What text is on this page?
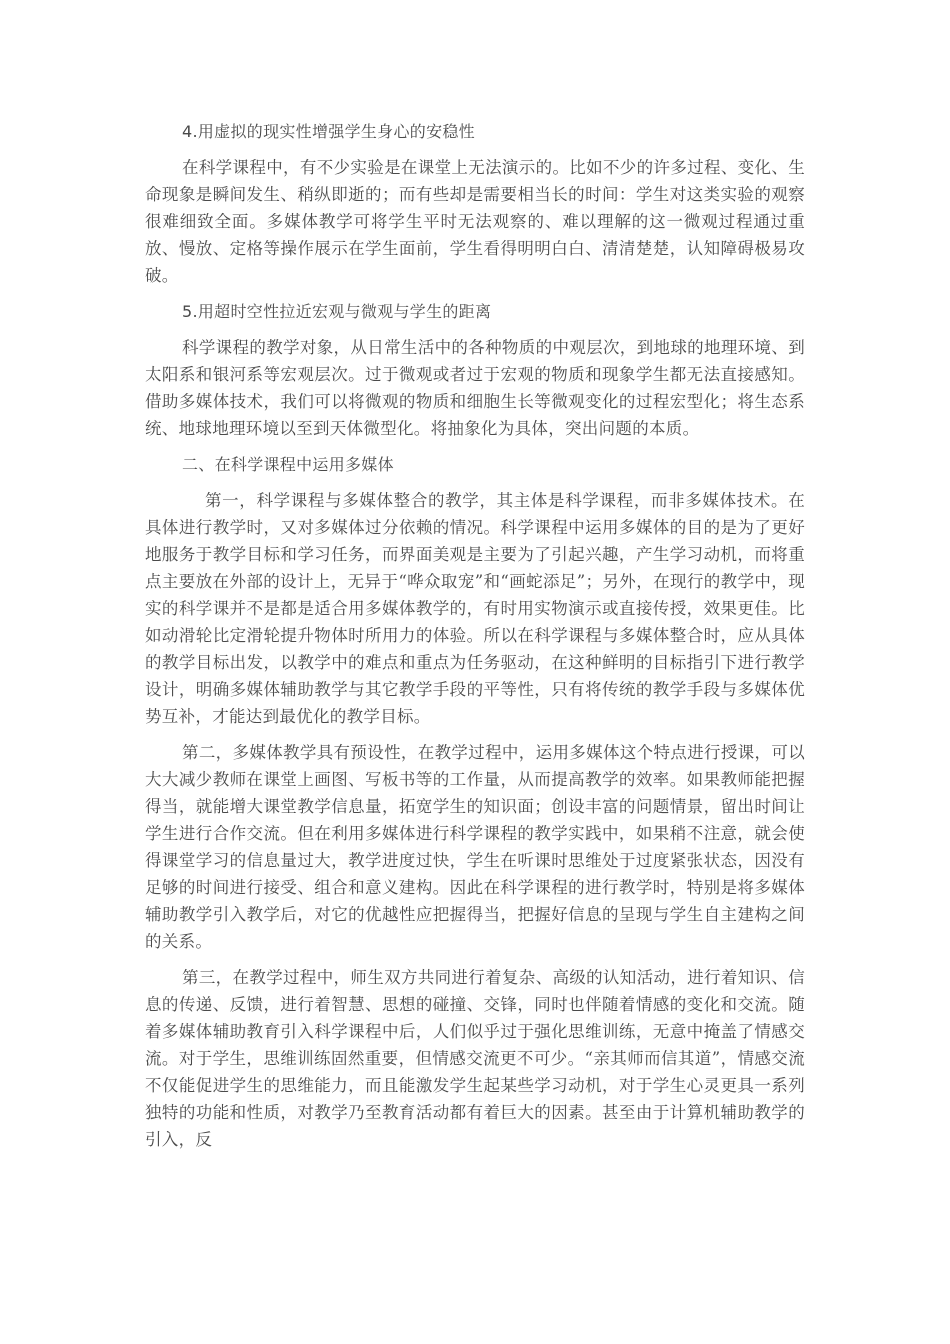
4.用虚拟的现实性增强学生身心的安稳性

在科学课程中，有不少实验是在课堂上无法演示的。比如不少的许多过程、变化、生命现象是瞬间发生、稍纵即逝的；而有些却是需要相当长的时间：学生对这类实验的观察很难细致全面。多媒体教学可将学生平时无法观察的、难以理解的这一微观过程通过重放、慢放、定格等操作展示在学生面前，学生看得明明白白、清清楚楚，认知障碍极易攻破。

5.用超时空性拉近宏观与微观与学生的距离

科学课程的教学对象，从日常生活中的各种物质的中观层次，到地球的地理环境、到太阳系和银河系等宏观层次。过于微观或者过于宏观的物质和现象学生都无法直接感知。借助多媒体技术，我们可以将微观的物质和细胞生长等微观变化的过程宏型化；将生态系统、地球地理环境以至到天体微型化。将抽象化为具体，突出问题的本质。

二、在科学课程中运用多媒体

第一，科学课程与多媒体整合的教学，其主体是科学课程，而非多媒体技术。在具体进行教学时，又对多媒体过分依赖的情况。科学课程中运用多媒体的目的是为了更好地服务于教学目标和学习任务，而界面美观是主要为了引起兴趣，产生学习动机，而将重点主要放在外部的设计上，无异于“哗众取宠”和“画蛇添足”；另外，在现行的教学中，现实的科学课并不是都是适合用多媒体教学的，有时用实物演示或直接传授，效果更佳。比如动滑轮比定滑轮提升物体时所用力的体验。所以在科学课程与多媒体整合时，应从具体的教学目标出发，以教学中的难点和重点为任务驱动，在这种鲜明的目标指引下进行教学设计，明确多媒体辅助教学与其它教学手段的平等性，只有将传统的教学手段与多媒体优势互补，才能达到最优化的教学目标。

第二，多媒体教学具有预设性，在教学过程中，运用多媒体这个特点进行授课，可以大大减少教师在课堂上画图、写板书等的工作量，从而提高教学的效率。如果教师能把握得当，就能增大课堂教学信息量，拓宽学生的知识面；创设丰富的问题情景，留出时间让学生进行合作交流。但在利用多媒体进行科学课程的教学实践中，如果稍不注意，就会使得课堂学习的信息量过大，教学进度过快，学生在听课时思维处于过度紧张状态，因没有足够的时间进行接受、组合和意义建构。因此在科学课程的进行教学时，特别是将多媒体辅助教学引入教学后，对它的优越性应把握得当，把握好信息的呈现与学生自主建构之间的关系。

第三，在教学过程中，师生双方共同进行着复杂、高级的认知活动，进行着知识、信息的传递、反馈，进行着智慧、思想的碰撞、交锋，同时也伴随着情感的变化和交流。随着多媒体辅助教育引入科学课程中后，人们似乎过于强化思维训练，无意中掩盖了情感交流。对于学生，思维训练固然重要，但情感交流更不可少。“亲其师而信其道”，情感交流不仅能促进学生的思维能力，而且能激发学生起某些学习动机，对于学生心灵更具一系列独特的功能和性质，对教学乃至教育活动都有着巨大的因素。甚至由于计算机辅助教学的引入，反
